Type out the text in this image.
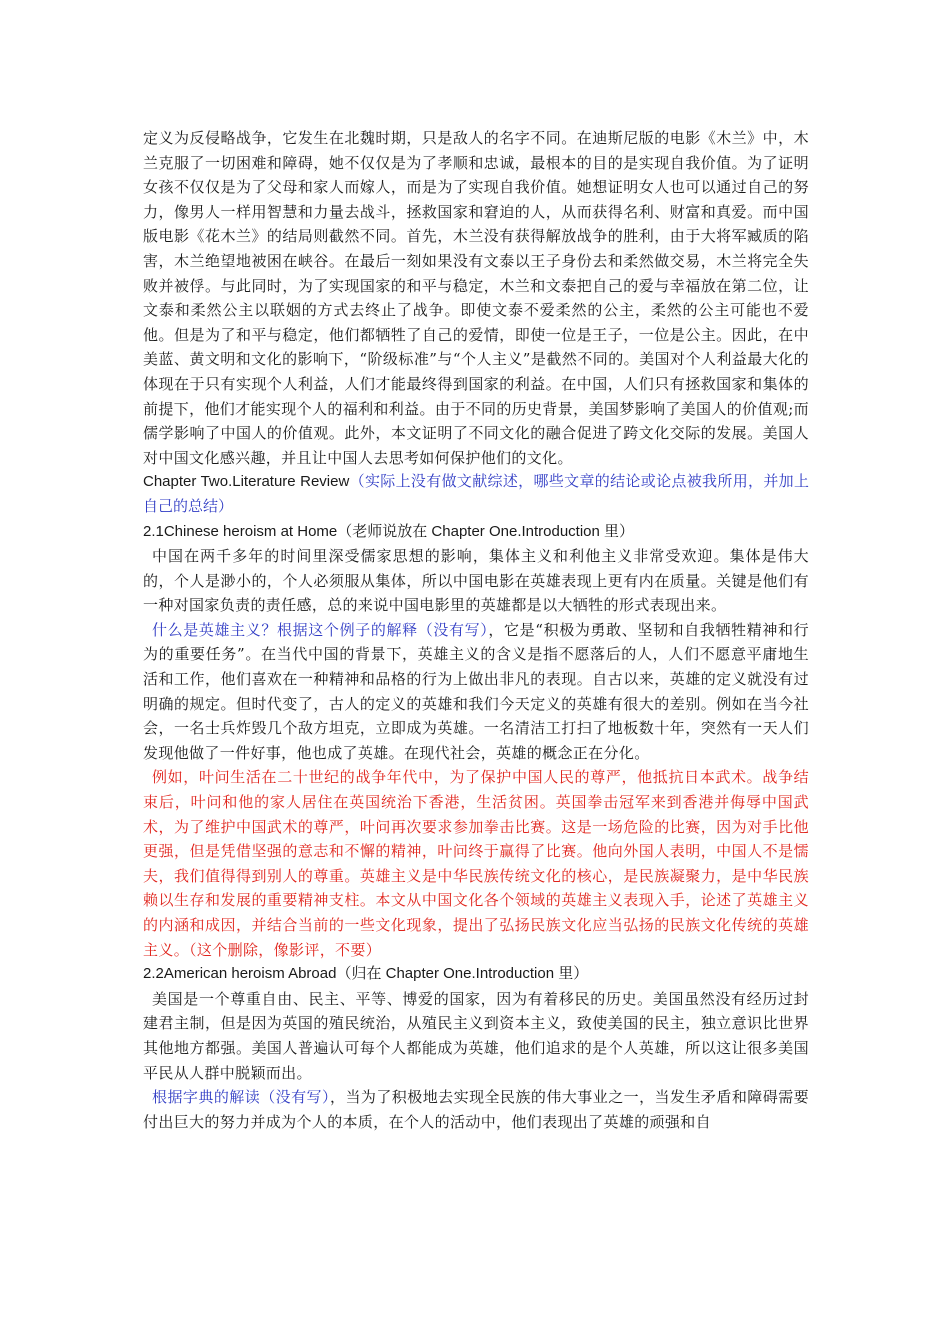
定义为反侵略战争，它发生在北魏时期，只是敌人的名字不同。在迪斯尼版的电影《木兰》中，木兰克服了一切困难和障碍，她不仅仅是为了孝顺和忠诚，最根本的目的是实现自我价值。为了证明女孩不仅仅是为了父母和家人而嫁人，而是为了实现自我价值。她想证明女人也可以通过自己的努力，像男人一样用智慧和力量去战斗，拯救国家和窘迫的人，从而获得名利、财富和真爱。而中国版电影《花木兰》的结局则截然不同。首先，木兰没有获得解放战争的胜利，由于大将军臧质的陷害，木兰绝望地被困在峡谷。在最后一刻如果没有文泰以王子身份去和柔然做交易，木兰将完全失败并被俘。与此同时，为了实现国家的和平与稳定，木兰和文泰把自己的爱与幸福放在第二位，让文泰和柔然公主以联姻的方式去终止了战争。即使文泰不爱柔然的公主，柔然的公主可能也不爱他。但是为了和平与稳定，他们都牺牲了自己的爱情，即使一位是王子，一位是公主。因此，在中美蓝、黄文明和文化的影响下，“阶级标准”与“个人主义”是截然不同的。美国对个人利益最大化的体现在于只有实现个人利益，人们才能最终得到国家的利益。在中国，人们只有拯救国家和集体的前提下，他们才能实现个人的福利和利益。由于不同的历史背景，美国梦影响了美国人的价值观;而儒学影响了中国人的价值观。此外，本文证明了不同文化的融合促进了跨文化交际的发展。美国人对中国文化感兴趣，并且让中国人去思考如何保护他们的文化。

Chapter Two.Literature Review（实际上没有做文献综述，哪些文章的结论或论点被我所用，并加上自己的总结）

2.1Chinese heroism at Home（老师说放在 Chapter One.Introduction 里）

中国在两千多年的时间里深受儒家思想的影响，集体主义和利他主义非常受欢迎。集体是伟大的，个人是渺小的，个人必须服从集体，所以中国电影在英雄表现上更有内在质量。关键是他们有一种对国家负责的责任感，总的来说中国电影里的英雄都是以大牺牲的形式表现出来。

什么是英雄主义？根据这个例子的解释（没有写），它是“积极为勇敢、坚韧和自我牺牲精神和行为的重要任务”。在当代中国的背景下，英雄主义的含义是指不愿落后的人，人们不愿意平庸地生活和工作，他们喜欢在一种精神和品格的行为上做出非凡的表现。自古以来，英雄的定义就没有过明确的规定。但时代变了，古人的定义的英雄和我们今天定义的英雄有很大的差别。例如在当今社会，一名士兵炸毁几个敌方坦克，立即成为英雄。一名清洁工打扫了地板数十年，突然有一天人们发现他做了一件好事，他也成了英雄。在现代社会，英雄的概念正在分化。

例如，叶问生活在二十世纪的战争年代中，为了保护中国人民的尊严，他抵抗日本武术。战争结束后，叶问和他的家人居住在英国统治下香港，生活贫困。英国拳击冠军来到香港并侮辱中国武术，为了维护中国武术的尊严，叶问再次要求参加拳击比赛。这是一场危险的比赛，因为对手比他更强，但是凭借坚强的意志和不懈的精神，叶问终于赢得了比赛。他向外国人表明，中国人不是懦夫，我们值得得到别人的尊重。英雄主义是中华民族传统文化的核心，是民族凝聚力，是中华民族赖以生存和发展的重要精神支柱。本文从中国文化各个领域的英雄主义表现入手，论述了英雄主义的内涵和成因，并结合当前的一些文化现象，提出了弘扬民族文化应当弘扬的民族文化传统的英雄主义。（这个删除，像影评，不要）

2.2American heroism Abroad（归在 Chapter One.Introduction 里）

美国是一个尊重自由、民主、平等、博爱的国家，因为有着移民的历史。美国虽然没有经历过封建君主制，但是因为英国的殖民统治，从殖民主义到资本主义，致使美国的民主，独立意识比世界其他地方都强。美国人普遍认可每个人都能成为英雄，他们追求的是个人英雄，所以这让很多美国平民从人群中脱颖而出。

根据字典的解读（没有写），当为了积极地去实现全民族的伟大事业之一，当发生矛盾和障碍需要付出巨大的努力并成为个人的本质，在个人的活动中，他们表现出了英雄的顽强和自
